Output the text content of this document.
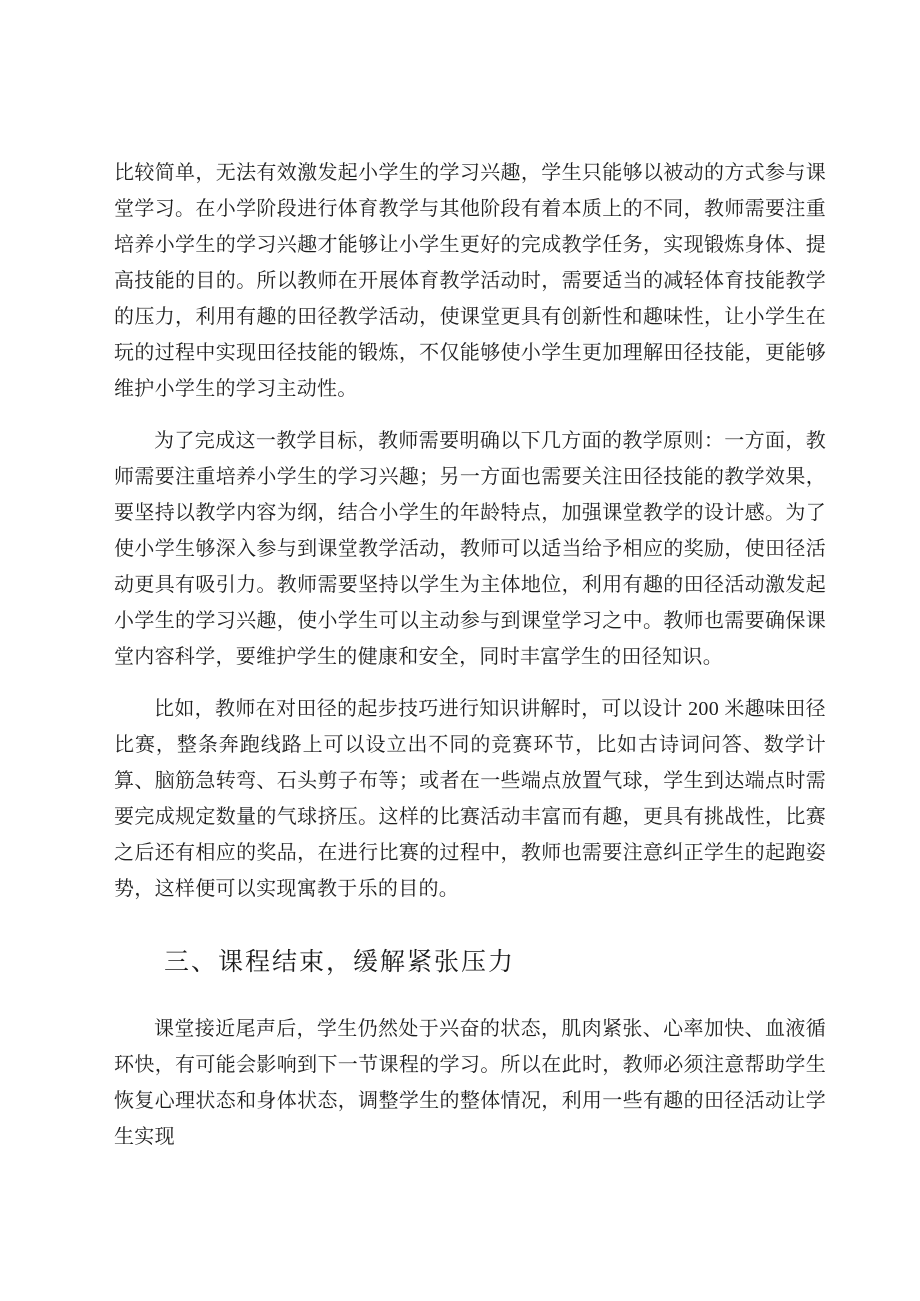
比较简单，无法有效激发起小学生的学习兴趣，学生只能够以被动的方式参与课堂学习。在小学阶段进行体育教学与其他阶段有着本质上的不同，教师需要注重培养小学生的学习兴趣才能够让小学生更好的完成教学任务，实现锻炼身体、提高技能的目的。所以教师在开展体育教学活动时，需要适当的减轻体育技能教学的压力，利用有趣的田径教学活动，使课堂更具有创新性和趣味性，让小学生在玩的过程中实现田径技能的锻炼，不仅能够使小学生更加理解田径技能，更能够维护小学生的学习主动性。

为了完成这一教学目标，教师需要明确以下几方面的教学原则：一方面，教师需要注重培养小学生的学习兴趣；另一方面也需要关注田径技能的教学效果，要坚持以教学内容为纲，结合小学生的年龄特点，加强课堂教学的设计感。为了使小学生够深入参与到课堂教学活动，教师可以适当给予相应的奖励，使田径活动更具有吸引力。教师需要坚持以学生为主体地位，利用有趣的田径活动激发起小学生的学习兴趣，使小学生可以主动参与到课堂学习之中。教师也需要确保课堂内容科学，要维护学生的健康和安全，同时丰富学生的田径知识。

比如，教师在对田径的起步技巧进行知识讲解时，可以设计 200 米趣味田径比赛，整条奔跑线路上可以设立出不同的竞赛环节，比如古诗词问答、数学计算、脑筋急转弯、石头剪子布等；或者在一些端点放置气球，学生到达端点时需要完成规定数量的气球挤压。这样的比赛活动丰富而有趣，更具有挑战性，比赛之后还有相应的奖品，在进行比赛的过程中，教师也需要注意纠正学生的起跑姿势，这样便可以实现寓教于乐的目的。

三、课程结束，缓解紧张压力

课堂接近尾声后，学生仍然处于兴奋的状态，肌肉紧张、心率加快、血液循环快，有可能会影响到下一节课程的学习。所以在此时，教师必须注意帮助学生恢复心理状态和身体状态，调整学生的整体情况，利用一些有趣的田径活动让学生实现
